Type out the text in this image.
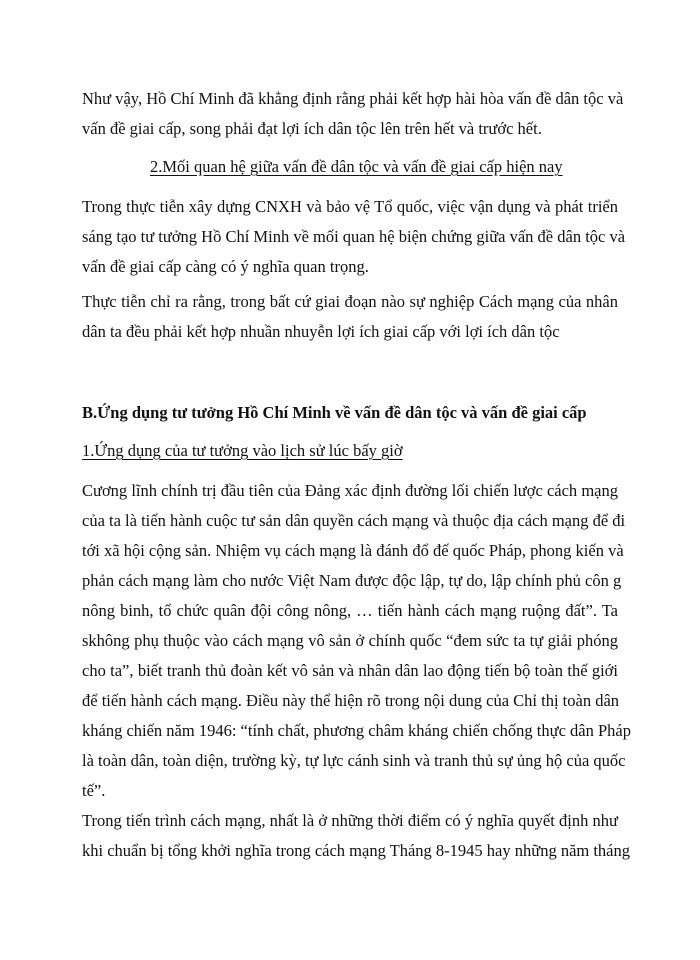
Như vậy, Hồ Chí Minh đã khẳng định rằng phải kết hợp hài hòa vấn đề dân tộc và
vấn đề giai cấp, song phải đạt lợi ích dân tộc lên trên hết và trước hết.

2.Mối quan hệ giữa vấn đề dân tộc và vấn đề giai cấp hiện nay

Trong thực tiễn xây dựng CNXH và bảo vệ Tổ quốc, việc vận dụng và phát triển
sáng tạo tư tưởng Hồ Chí Minh về mối quan hệ biện chứng giữa vấn đề dân tộc và
vấn đề giai cấp càng có ý nghĩa quan trọng.

Thực tiễn chỉ ra rằng, trong bất cứ giai đoạn nào sự nghiệp Cách mạng của nhân
dân ta đều phải kết hợp nhuần nhuyễn lợi ích giai cấp với lợi ích dân tộc

B.Ứng dụng tư tưởng Hồ Chí Minh về vấn đề dân tộc và vấn đề giai cấp

1.Ứng dụng của tư tưởng vào lịch sử lúc bấy giờ

Cương lĩnh chính trị đầu tiên của Đảng xác định đường lối chiến lược cách mạng
của ta là tiến hành cuộc tư sản dân quyền cách mạng và thuộc địa cách mạng để đi
tới xã hội cộng sản. Nhiệm vụ cách mạng là đánh đổ đế quốc Pháp, phong kiến và
phản cách mạng làm cho nước Việt Nam được độc lập, tự do, lập chính phủ côn g
nông binh, tổ chức quân đội công nông, … tiến hành cách mạng ruộng đất”. Ta
skhông phụ thuộc vào cách mạng vô sản ở chính quốc “đem sức ta tự giải phóng
cho ta”, biết tranh thủ đoàn kết vô sản và nhân dân lao động tiến bộ toàn thế giới
để tiến hành cách mạng. Điều này thể hiện rõ trong nội dung của Chỉ thị toàn dân
kháng chiến năm 1946: “tính chất, phương châm kháng chiến chống thực dân Pháp
là toàn dân, toàn diện, trường kỳ, tự lực cánh sinh và tranh thủ sự ủng hộ của quốc
tế”.

Trong tiến trình cách mạng, nhất là ở những thời điểm có ý nghĩa quyết định như
khi chuẩn bị tổng khởi nghĩa trong cách mạng Tháng 8-1945 hay những năm tháng
